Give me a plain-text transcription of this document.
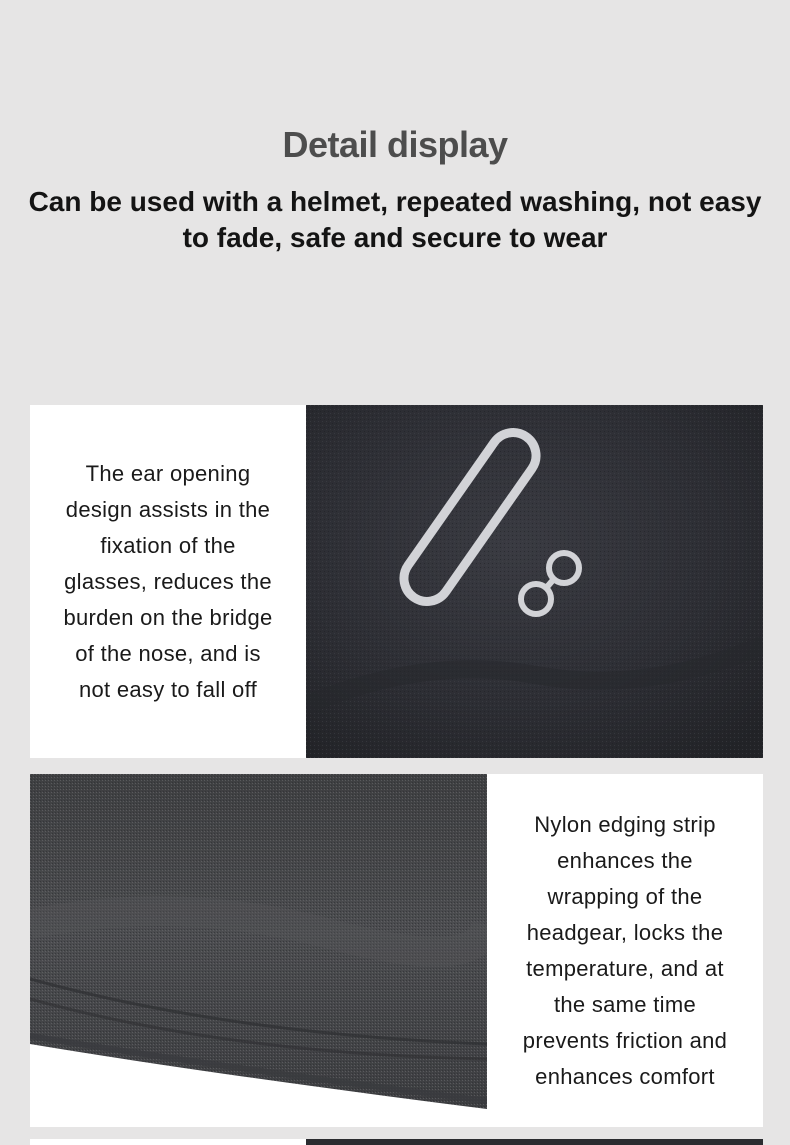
Detail display
Can be used with a helmet, repeated washing, not easy
to fade, safe and secure to wear
The ear opening
design assists in the
fixation of the
glasses, reduces the
burden on the bridge
of the nose, and is
not easy to fall off
Nylon edging strip
enhances the
wrapping of the
headgear, locks the
temperature, and at
the same time
prevents friction and
enhances comfort
